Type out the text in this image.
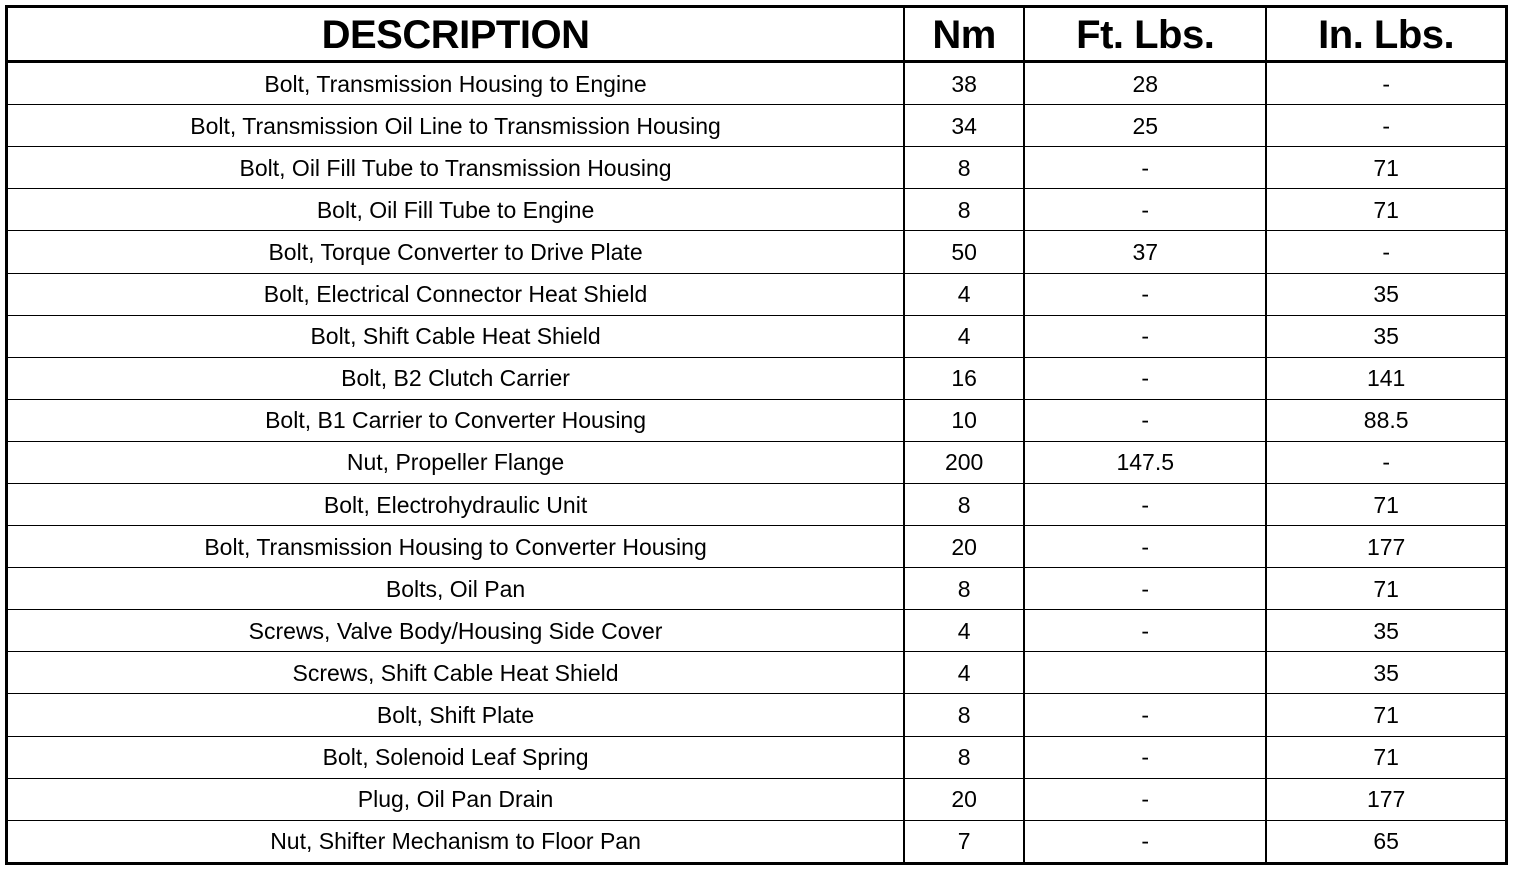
DESCRIPTION	Nm	Ft. Lbs.	In. Lbs.
Bolt, Transmission Housing to Engine	38	28	-
Bolt, Transmission Oil Line to Transmission Housing	34	25	-
Bolt, Oil Fill Tube to Transmission Housing	8	-	71
Bolt, Oil Fill Tube to Engine	8	-	71
Bolt, Torque Converter to Drive Plate	50	37	-
Bolt, Electrical Connector Heat Shield	4	-	35
Bolt, Shift Cable Heat Shield	4	-	35
Bolt, B2 Clutch Carrier	16	-	141
Bolt, B1 Carrier to Converter Housing	10	-	88.5
Nut, Propeller Flange	200	147.5	-
Bolt, Electrohydraulic Unit	8	-	71
Bolt, Transmission Housing to Converter Housing	20	-	177
Bolts, Oil Pan	8	-	71
Screws, Valve Body/Housing Side Cover	4	-	35
Screws, Shift Cable Heat Shield	4		35
Bolt, Shift Plate	8	-	71
Bolt, Solenoid Leaf Spring	8	-	71
Plug, Oil Pan Drain	20	-	177
Nut, Shifter Mechanism to Floor Pan	7	-	65
